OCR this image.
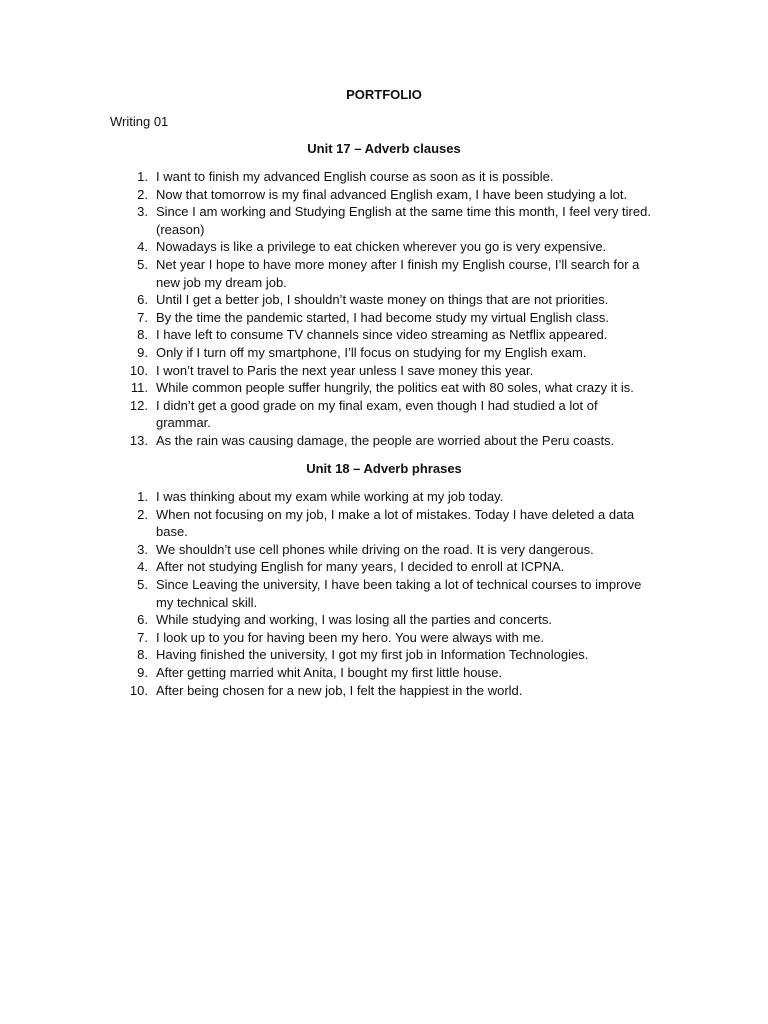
PORTFOLIO
Writing 01
Unit 17 – Adverb clauses
1. I want to finish my advanced English course as soon as it is possible.
2. Now that tomorrow is my final advanced English exam, I have been studying a lot.
3. Since I am working and Studying English at the same time this month, I feel very tired. (reason)
4. Nowadays is like a privilege to eat chicken wherever you go is very expensive.
5. Net year I hope to have more money after I finish my English course, I’ll search for a new job my dream job.
6. Until I get a better job, I shouldn’t waste money on things that are not priorities.
7. By the time the pandemic started, I had become study my virtual English class.
8. I have left to consume TV channels since video streaming as Netflix appeared.
9. Only if I turn off my smartphone, I’ll focus on studying for my English exam.
10. I won’t travel to Paris the next year unless I save money this year.
11. While common people suffer hungrily, the politics eat with 80 soles, what crazy it is.
12. I didn’t get a good grade on my final exam, even though I had studied a lot of grammar.
13. As the rain was causing damage, the people are worried about the Peru coasts.
Unit 18 – Adverb phrases
1. I was thinking about my exam while working at my job today.
2. When not focusing on my job, I make a lot of mistakes. Today I have deleted a data base.
3. We shouldn’t use cell phones while driving on the road. It is very dangerous.
4. After not studying English for many years, I decided to enroll at ICPNA.
5. Since Leaving the university, I have been taking a lot of technical courses to improve my technical skill.
6. While studying and working, I was losing all the parties and concerts.
7. I look up to you for having been my hero. You were always with me.
8. Having finished the university, I got my first job in Information Technologies.
9. After getting married whit Anita, I bought my first little house.
10. After being chosen for a new job, I felt the happiest in the world.
